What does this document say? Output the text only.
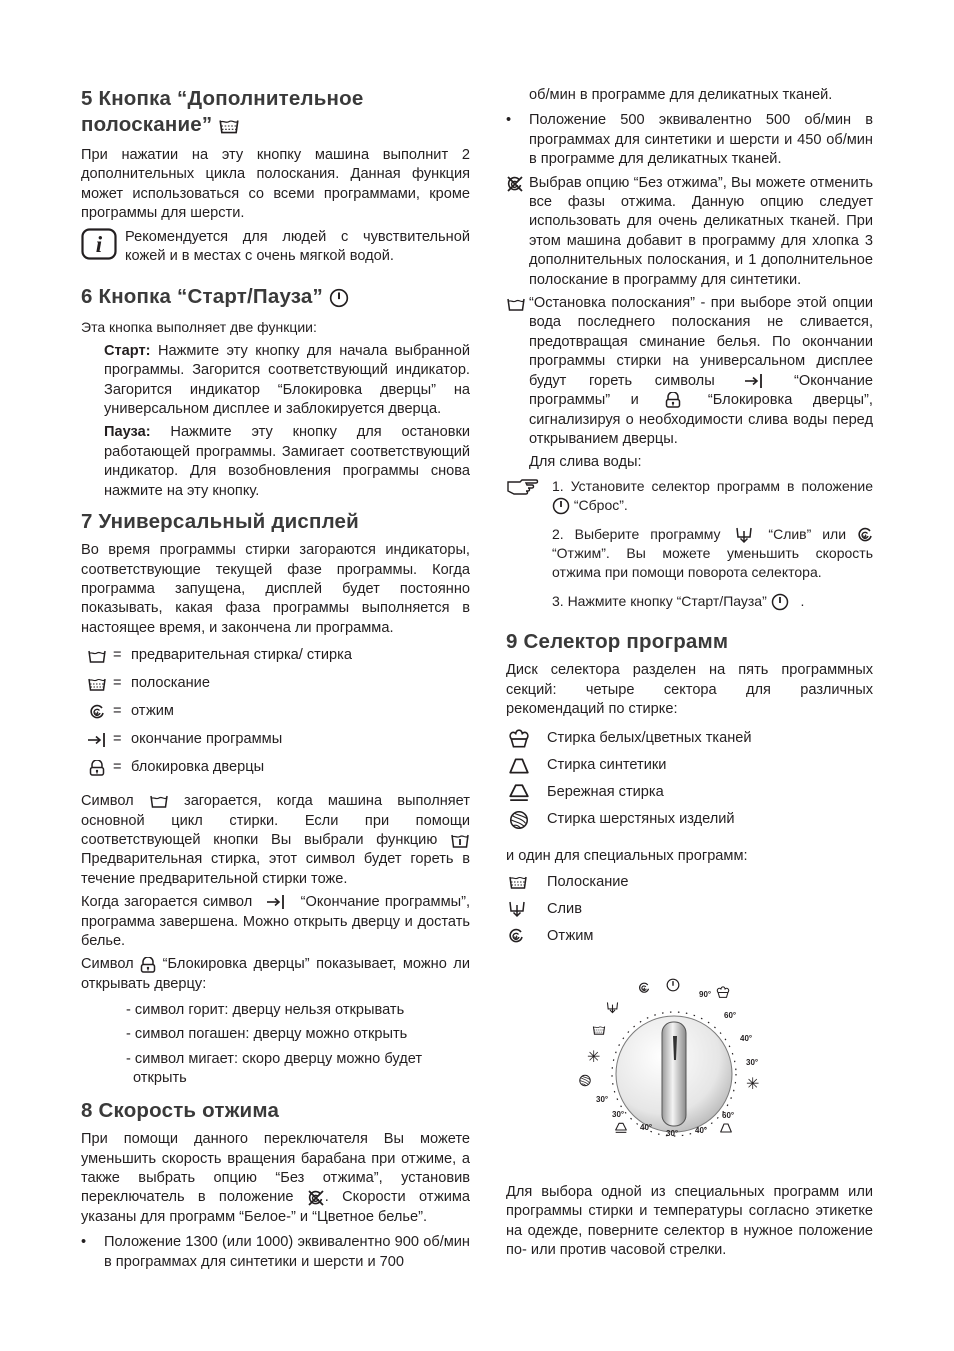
5 Кнопка “Дополнительное полоскание”

При нажатии на эту кнопку машина выполнит 2 дополнительных цикла полоскания. Данная функция может использоваться со всеми программами, кроме программы для шерсти.

Рекомендуется для людей с чувствительной кожей и в местах с очень мягкой водой.

6 Кнопка “Старт/Пауза”

Эта кнопка выполняет две функции:

Старт: Нажмите эту кнопку для начала выбранной программы. Загорится соответствующий индикатор. Загорится индикатор “Блокировка дверцы” на универсальном дисплее и заблокируется дверца.

Пауза: Нажмите эту кнопку для остановки работающей программы. Замигает соответствующий индикатор. Для возобновления программы снова нажмите на эту кнопку.

7 Универсальный дисплей

Во время программы стирки загораются индикаторы, соответствующие текущей фазе программы. Когда программа запущена, дисплей будет постоянно показывать, какая фаза программы выполняется в настоящее время, и закончена ли программа.

= предварительная стирка/ стирка
= полоскание
= отжим
= окончание программы
= блокировка дверцы

Символ	загорается, когда машина выполняет основной цикл стирки. Если при помощи соответствующей кнопки Вы выбрали функцию
Предварительная стирка, этот символ будет гореть в течение предварительной стирки тоже.

Когда загорается символ	“Окончание программы”, программа завершена. Можно открыть дверцу и достать белье.

Символ “Блокировка дверцы” показывает, можно ли открывать дверцу:

- символ горит: дверцу нельзя открывать
- символ погашен: дверцу можно открыть
- символ мигает: скоро дверцу можно будет
открыть
8 Скорость отжима

При помощи данного переключателя Вы можете уменьшить скорость вращения барабана при отжиме, а также выбрать опцию “Без отжима”, установив переключатель в положение . Скорости отжима указаны для программ “Белое-” и “Цветное белье”.

•	Положение 1300 (или 1000) эквивалентно 900 об/мин в программах для синтетики и шерсти и 700

об/мин в программе для деликатных тканей.

•	Положение 500 эквивалентно 500 об/мин в программах для синтетики и шерсти и 450 об/мин в программе для деликатных тканей.

Выбрав опцию “Без отжима”, Вы можете отменить все фазы отжима. Данную опцию следует использовать для очень деликатных тканей. При этом машина добавит в программу для хлопка 3 дополнительных полоскания, и 1 дополнительное полоскание в программу для синтетики.

“Остановка полоскания” - при выборе этой опции вода последнего полоскания не сливается, предотвращая сминание белья. По окончании программы стирки на универсальном дисплее будут гореть символы	“Окончание программы” и	“Блокировка дверцы”, сигнализируя о необходимости слива воды перед открыванием дверцы.

Для слива воды:

1. Установите селектор программ в положение
“Сброс”.

2. Выберите программу	“Слив” или
“Отжим”. Вы можете уменьшить скорость отжима при помощи поворота селектора.

3. Нажмите кнопку “Старт/Пауза” .

9 Селектор программ

Диск селектора разделен на пять программных секций: четыре сектора для различных рекомендаций по стирке:

Стирка белых/цветных тканей
Стирка синтетики
Бережная стирка
Стирка шерстяных изделий

и один для специальных программ:

Полоскание
Слив
Отжим
90°
60°
40°
30°
30°
60°
40°
30°
40°
30°
✳
✳

Для выбора одной из специальных программ или программы стирки и температуры согласно этикетке на одежде, поверните селектор в нужное положение по- или против часовой стрелки.
